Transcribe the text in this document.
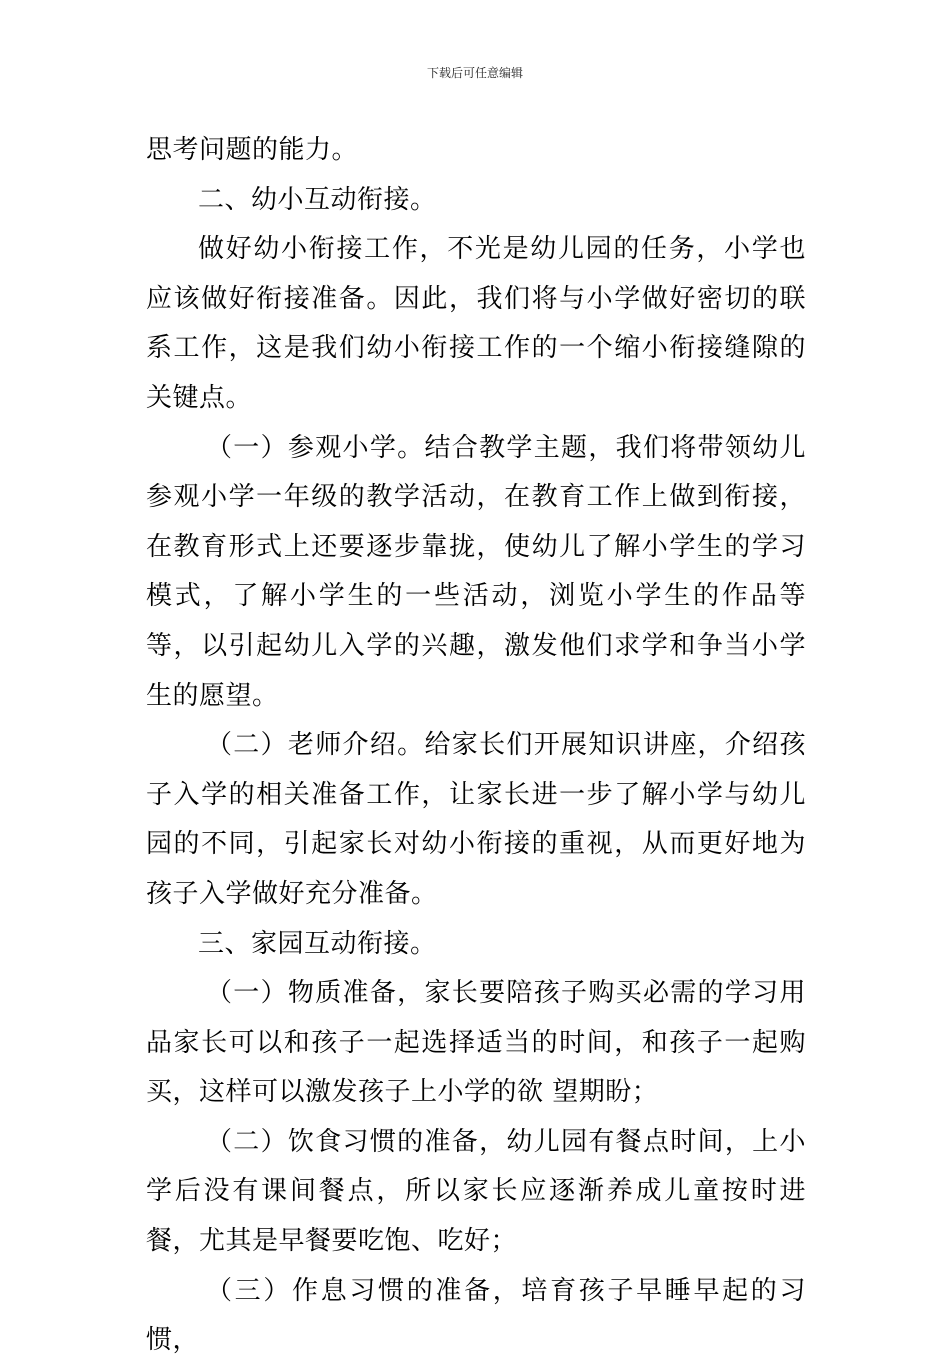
下载后可任意编辑

思考问题的能力。

二、幼小互动衔接。

做好幼小衔接工作，不光是幼儿园的任务，小学也应该做好衔接准备。因此，我们将与小学做好密切的联系工作，这是我们幼小衔接工作的一个缩小衔接缝隙的关键点。

（一）参观小学。结合教学主题，我们将带领幼儿参观小学一年级的教学活动，在教育工作上做到衔接，在教育形式上还要逐步靠拢，使幼儿了解小学生的学习模式，了解小学生的一些活动，浏览小学生的作品等等，以引起幼儿入学的兴趣，激发他们求学和争当小学生的愿望。

（二）老师介绍。给家长们开展知识讲座，介绍孩子入学的相关准备工作，让家长进一步了解小学与幼儿园的不同，引起家长对幼小衔接的重视，从而更好地为孩子入学做好充分准备。

三、家园互动衔接。

（一）物质准备，家长要陪孩子购买必需的学习用品家长可以和孩子一起选择适当的时间，和孩子一起购买，这样可以激发孩子上小学的欲 望期盼；

（二）饮食习惯的准备，幼儿园有餐点时间，上小学后没有课间餐点，所以家长应逐渐养成儿童按时进餐，尤其是早餐要吃饱、吃好；

（三）作息习惯的准备，培育孩子早睡早起的习惯，
